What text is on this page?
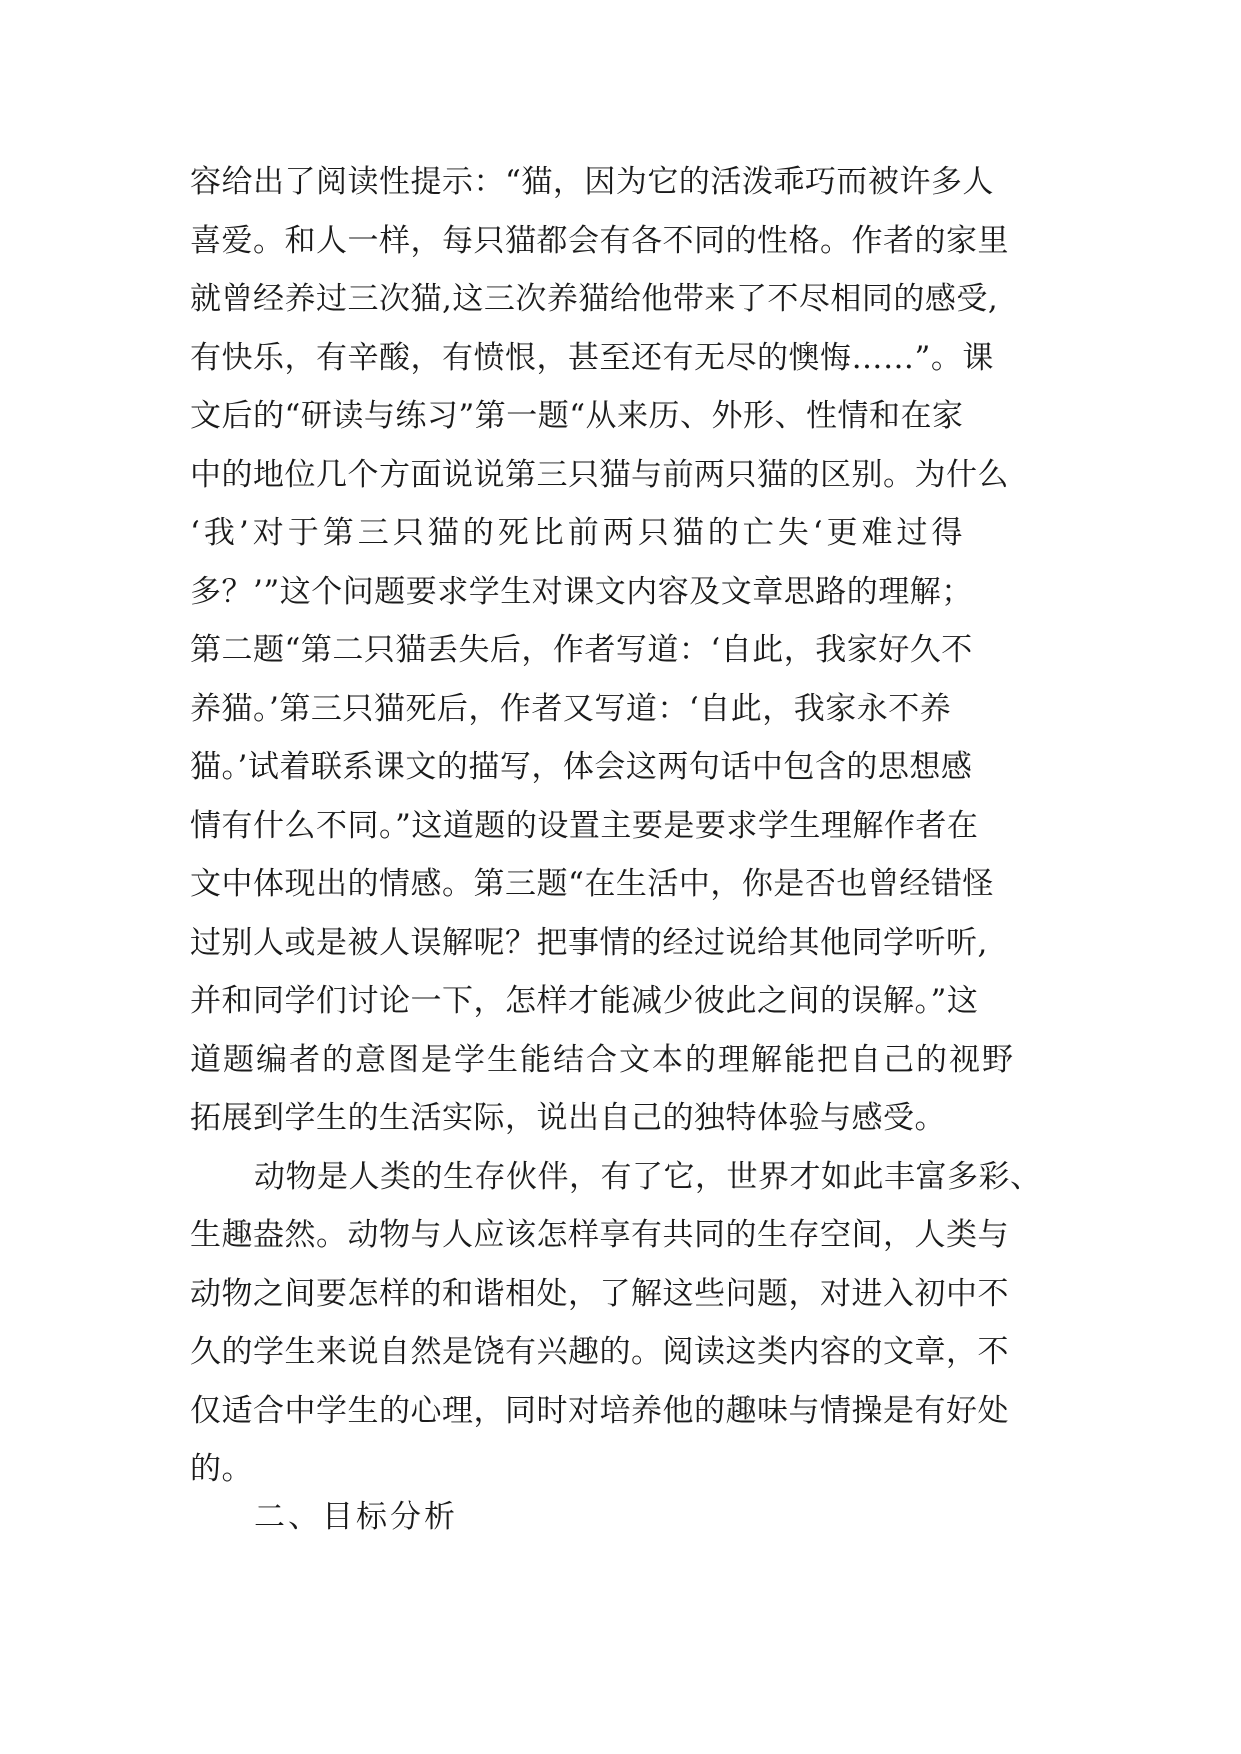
容给出了阅读性提示：“猫，因为它的活泼乖巧而被许多人
喜爱。和人一样，每只猫都会有各不同的性格。作者的家里
就曾经养过三次猫,这三次养猫给他带来了不尽相同的感受,
有快乐，有辛酸，有愤恨，甚至还有无尽的懊悔……”。课
文后的“研读与练习”第一题“从来历、外形、性情和在家
中的地位几个方面说说第三只猫与前两只猫的区别。为什么
‘我’对于第三只猫的死比前两只猫的亡失‘更难过得
多？’”这个问题要求学生对课文内容及文章思路的理解；
第二题“第二只猫丢失后，作者写道：‘自此，我家好久不
养猫。’第三只猫死后，作者又写道：‘自此，我家永不养
猫。’试着联系课文的描写，体会这两句话中包含的思想感
情有什么不同。”这道题的设置主要是要求学生理解作者在
文中体现出的情感。第三题“在生活中，你是否也曾经错怪
过别人或是被人误解呢？把事情的经过说给其他同学听听,
并和同学们讨论一下，怎样才能减少彼此之间的误解。”这
道题编者的意图是学生能结合文本的理解能把自己的视野
拓展到学生的生活实际，说出自己的独特体验与感受。
动物是人类的生存伙伴，有了它，世界才如此丰富多彩、
生趣盎然。动物与人应该怎样享有共同的生存空间，人类与
动物之间要怎样的和谐相处，了解这些问题，对进入初中不
久的学生来说自然是饶有兴趣的。阅读这类内容的文章，不
仅适合中学生的心理，同时对培养他的趣味与情操是有好处
的。
二、目标分析
